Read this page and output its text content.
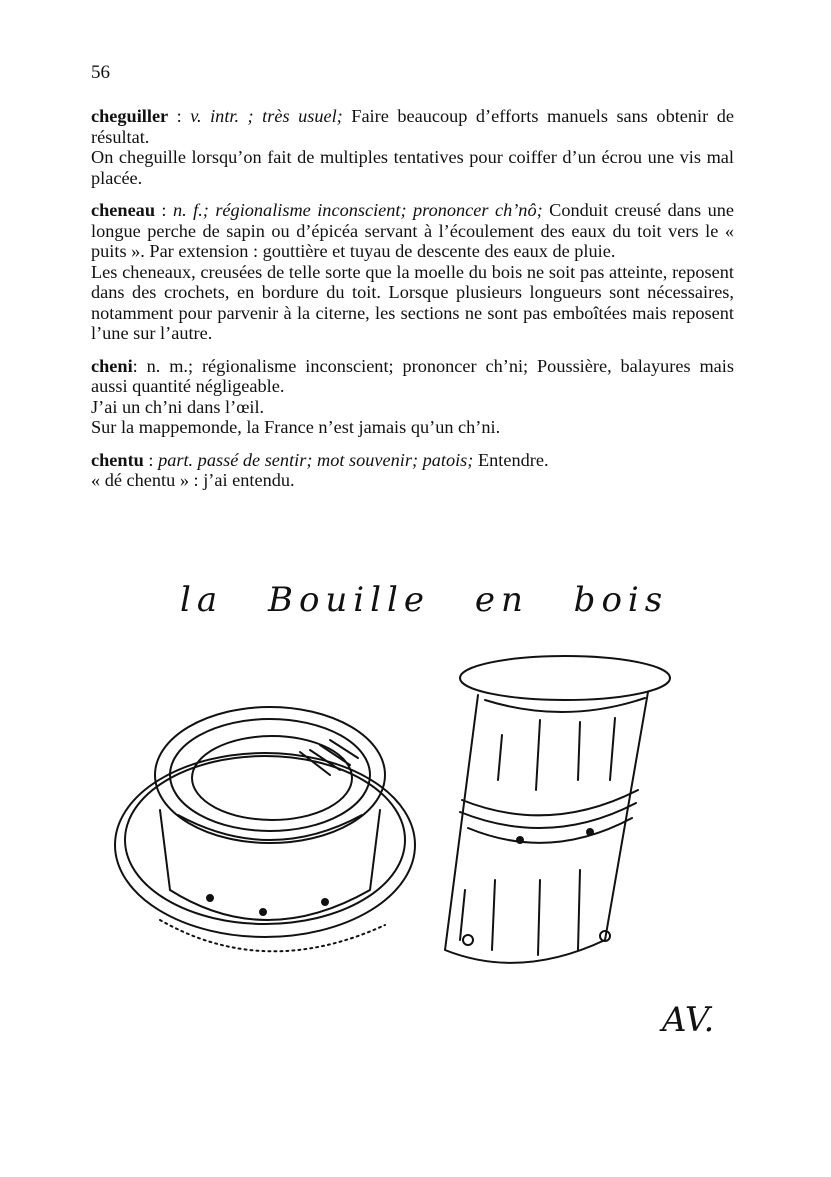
56

cheguiller : v. intr. ; très usuel; Faire beaucoup d’efforts manuels sans obtenir de résultat.

On cheguille lorsqu’on fait de multiples tentatives pour coiffer d’un écrou une vis mal placée.

cheneau : n. f.; régionalisme inconscient; prononcer ch’nô; Conduit creusé dans une longue perche de sapin ou d’épicéa servant à l’écoulement des eaux du toit vers le « puits ». Par extension : gouttière et tuyau de descente des eaux de pluie.

Les cheneaux, creusées de telle sorte que la moelle du bois ne soit pas atteinte, reposent dans des crochets, en bordure du toit. Lorsque plusieurs longueurs sont nécessaires, notamment pour parvenir à la citerne, les sections ne sont pas emboîtées mais reposent l’une sur l’autre.

cheni: n. m.; régionalisme inconscient; prononcer ch’ni; Poussière, balayures mais aussi quantité négligeable.

J’ai un ch’ni dans l’œil.

Sur la mappemonde, la France n’est jamais qu’un ch’ni.

chentu : part. passé de sentir; mot souvenir; patois; Entendre.

« dé chentu » : j’ai entendu.

la Bouille en bois
AV.
